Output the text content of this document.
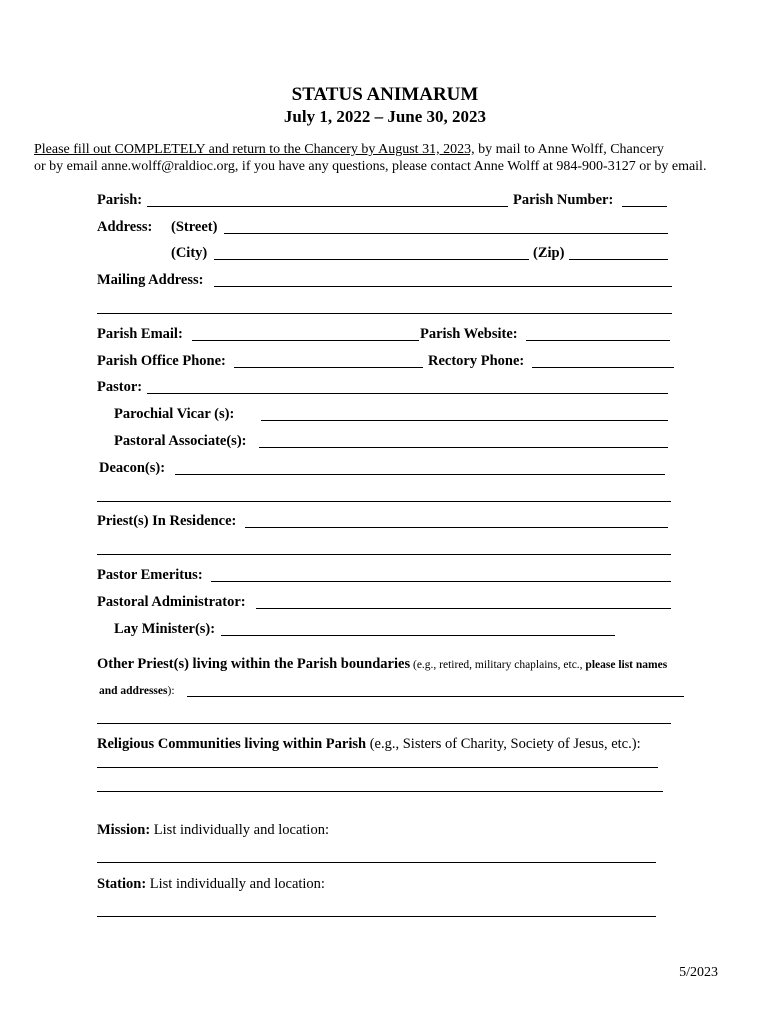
STATUS ANIMARUM
July 1, 2022 – June 30, 2023
Please fill out COMPLETELY and return to the Chancery by August 31, 2023, by mail to Anne Wolff, Chancery
or by email anne.wolff@raldioc.org, if you have any questions, please contact Anne Wolff at 984-900-3127 or by email.
Parish:	Parish Number:
Address: (Street)
(City)	(Zip)
Mailing Address:
Parish Email:	Parish Website:
Parish Office Phone:	Rectory Phone:
Pastor:
Parochial Vicar (s):
Pastoral Associate(s):
Deacon(s):
Priest(s) In Residence:
Pastor Emeritus:
Pastoral Administrator:
Lay Minister(s):
Other Priest(s) living within the Parish boundaries (e.g., retired, military chaplains, etc., please list names
and addresses):
Religious Communities living within Parish (e.g., Sisters of Charity, Society of Jesus, etc.):
Mission: List individually and location:
Station: List individually and location:
5/2023
